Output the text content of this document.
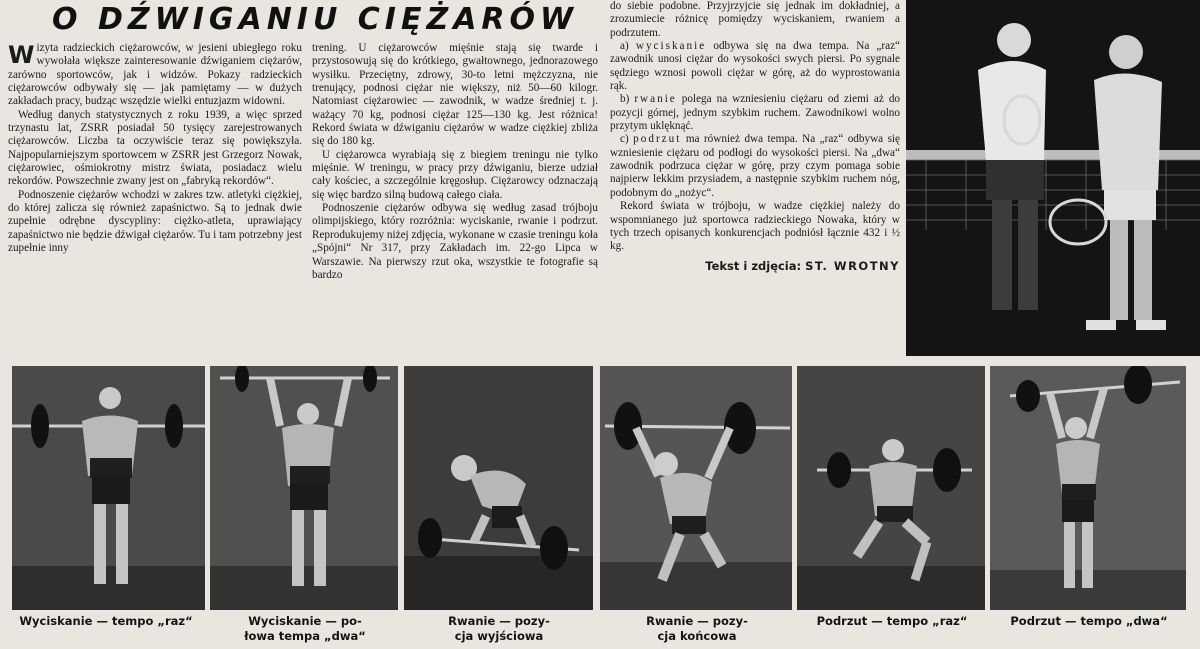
O DŹWIGANIU CIĘŻARÓW

Wizyta radzieckich ciężarowców, w jesieni ubiegłego roku wywołała większe zainteresowanie dźwiganiem ciężarów, zarówno sportowców, jak i widzów. Pokazy radzieckich ciężarowców odbywały się — jak pamiętamy — w dużych zakładach pracy, budząc wszędzie wielki entuzjazm widowni.

Według danych statystycznych z roku 1939, a więc sprzed trzynastu lat, ZSRR posiadał 50 tysięcy zarejestrowanych ciężarowców. Liczba ta oczywiście teraz się powiększyła. Najpopularniejszym sportowcem w ZSRR jest Grzegorz Nowak, ciężarowiec, ośmiokrotny mistrz świata, posiadacz wielu rekordów. Powszechnie zwany jest on „fabryką rekordów“.

Podnoszenie ciężarów wchodzi w zakres tzw. atletyki ciężkiej, do której zalicza się również zapaśnictwo. Są to jednak dwie zupełnie odrębne dyscypliny: ciężko-atleta, uprawiający zapaśnictwo nie będzie dźwigał ciężarów. Tu i tam potrzebny jest zupełnie inny

trening. U ciężarowców mięśnie stają się twarde i przystosowują się do krótkiego, gwałtownego, jednorazowego wysiłku. Przeciętny, zdrowy, 30-to letni mężczyzna, nie trenujący, podnosi ciężar nie większy, niż 50—60 kilogr. Natomiast ciężarowiec — zawodnik, w wadze średniej t. j. ważący 70 kg, podnosi ciężar 125—130 kg. Jest różnica! Rekord świata w dźwiganiu ciężarów w wadze ciężkiej zbliża się do 180 kg.

U ciężarowca wyrabiają się z biegiem treningu nie tylko mięśnie. W treningu, w pracy przy dźwiganiu, bierze udział cały kościec, a szczególnie kręgosłup. Ciężarowcy odznaczają się więc bardzo silną budową całego ciała.

Podnoszenie ciężarów odbywa się według zasad trójboju olimpijskiego, który rozróżnia: wyciskanie, rwanie i podrzut. Reprodukujemy niżej zdjęcia, wykonane w czasie treningu koła „Spójni“ Nr 317, przy Zakładach im. 22-go Lipca w Warszawie. Na pierwszy rzut oka, wszystkie te fotografie są bardzo

do siebie podobne. Przyjrzyjcie się jednak im dokładniej, a zrozumiecie różnicę pomiędzy wyciskaniem, rwaniem a podrzutem.

a) wyciskanie odbywa się na dwa tempa. Na „raz“ zawodnik unosi ciężar do wysokości swych piersi. Po sygnale sędziego wznosi powoli ciężar w górę, aż do wyprostowania rąk.

b) rwanie polega na wzniesieniu ciężaru od ziemi aż do pozycji górnej, jednym szybkim ruchem. Zawodnikowi wolno przytym uklęknąć.

c) podrzut ma również dwa tempa. Na „raz“ odbywa się wzniesienie ciężaru od podłogi do wysokości piersi. Na „dwa“ zawodnik podrzuca ciężar w górę, przy czym pomaga sobie najpierw lekkim przysiadem, a następnie szybkim ruchem nóg, podobnym do „nożyc“.

Rekord świata w trójboju, w wadze ciężkiej należy do wspomnianego już sportowca radzieckiego Nowaka, który w tych trzech opisanych konkurencjach podniósł łącznie 432 i ½ kg.

Tekst i zdjęcia: ST. WROTNY
Wyciskanie — tempo „raz“	Wyciskanie — po-
łowa tempa „dwa“
Rwanie — pozy-
cja wyjściowa
Rwanie — pozy-
cja końcowa
Podrzut — tempo „raz“	Podrzut — tempo „dwa“
